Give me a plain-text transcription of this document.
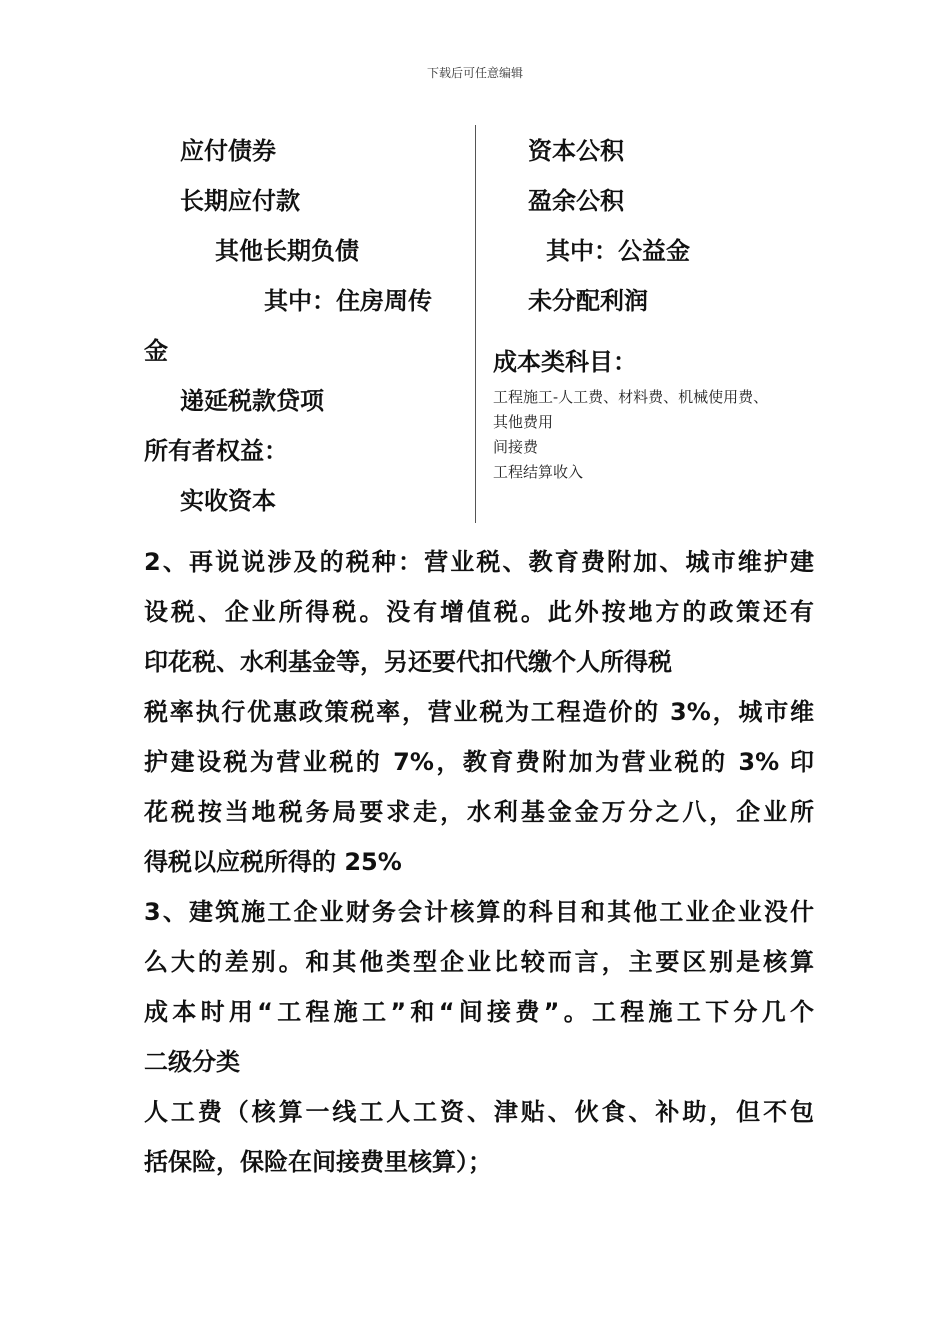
下载后可任意编辑
应付债券
长期应付款
其他长期负债
其中：住房周传
金
递延税款贷项
所有者权益：
实收资本
资本公积
盈余公积
其中：公益金
未分配利润
成本类科目：
工程施工-人工费、材料费、机械使用费、
其他费用
间接费
工程结算收入
2、再说说涉及的税种：营业税、教育费附加、城市维护建
设税、企业所得税。没有增值税。此外按地方的政策还有
印花税、水利基金等，另还要代扣代缴个人所得税
税率执行优惠政策税率，营业税为工程造价的 3%，城市维
护建设税为营业税的 7%，教育费附加为营业税的 3% 印
花税按当地税务局要求走，水利基金金万分之八，企业所
得税以应税所得的 25%
3、建筑施工企业财务会计核算的科目和其他工业企业没什
么大的差别。和其他类型企业比较而言，主要区别是核算
成本时用“工程施工”和“间接费”。工程施工下分几个
二级分类
人工费（核算一线工人工资、津贴、伙食、补助，但不包
括保险，保险在间接费里核算）；
